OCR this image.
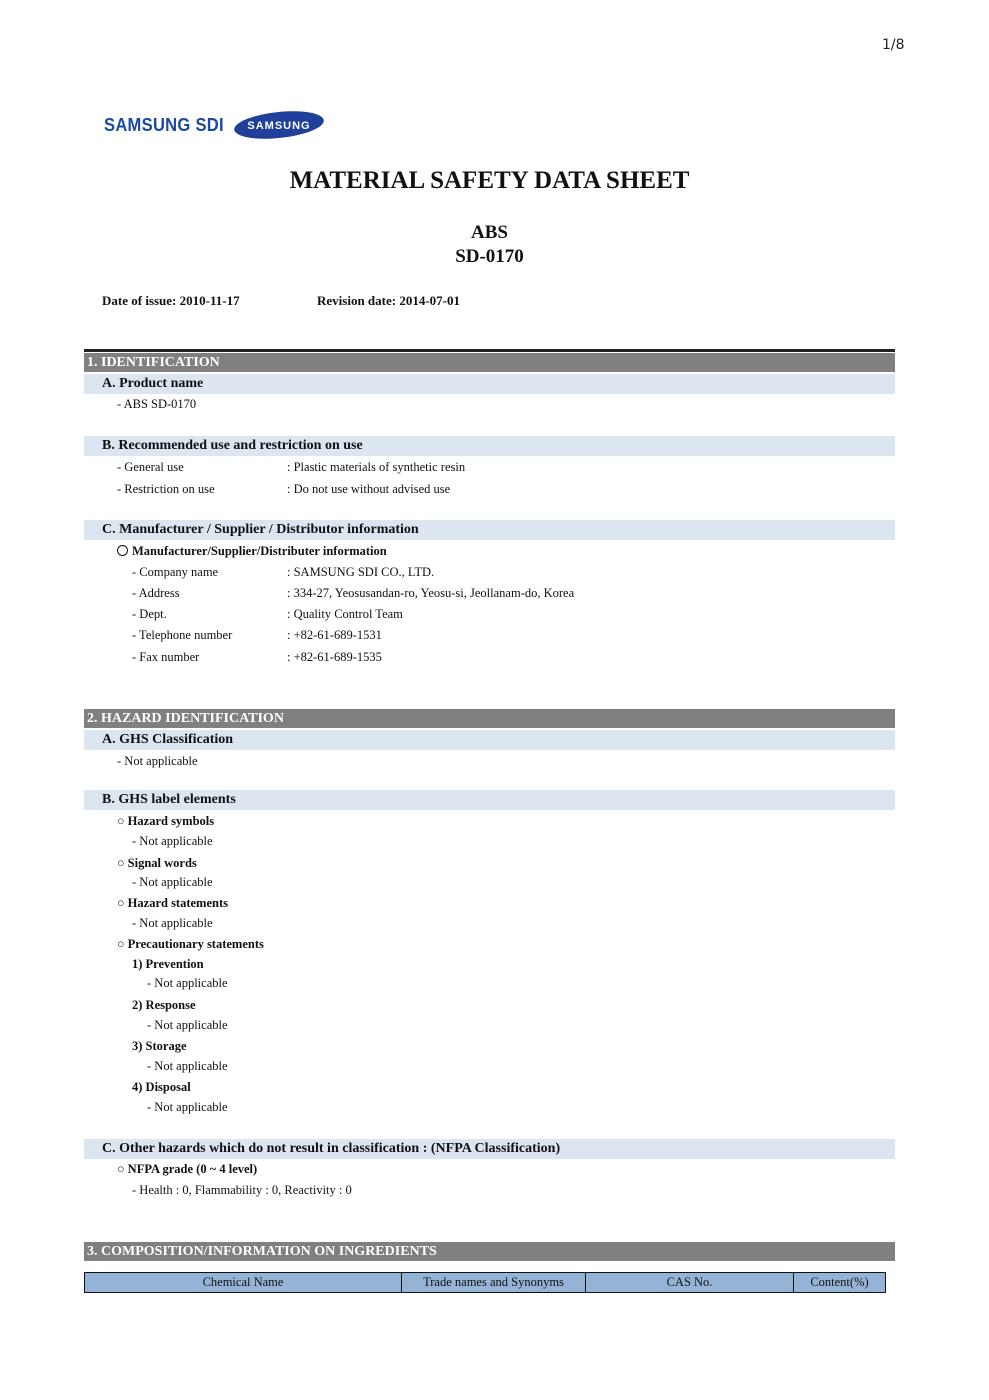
1/8
SAMSUNG SDI SAMSUNG
MATERIAL SAFETY DATA SHEET
ABS
SD-0170
Date of issue: 2010-11-17	Revision date: 2014-07-01
1. IDENTIFICATION
A. Product name
- ABS SD-0170
B. Recommended use and restriction on use
- General use	: Plastic materials of synthetic resin
- Restriction on use	: Do not use without advised use
C. Manufacturer / Supplier / Distributor information
Manufacturer/Supplier/Distributer information
- Company name	: SAMSUNG SDI CO., LTD.
- Address	: 334-27, Yeosusandan-ro, Yeosu-si, Jeollanam-do, Korea
- Dept.	: Quality Control Team
- Telephone number	: +82-61-689-1531
- Fax number	: +82-61-689-1535
2. HAZARD IDENTIFICATION
A. GHS Classification
- Not applicable
B. GHS label elements
○ Hazard symbols
- Not applicable
○ Signal words
- Not applicable
○ Hazard statements
- Not applicable
○ Precautionary statements
1) Prevention
- Not applicable
2) Response
- Not applicable
3) Storage
- Not applicable
4) Disposal
- Not applicable
C. Other hazards which do not result in classification : (NFPA Classification)
○ NFPA grade (0 ~ 4 level)
- Health : 0, Flammability : 0, Reactivity : 0
3. COMPOSITION/INFORMATION ON INGREDIENTS
Chemical Name	Trade names and Synonyms	CAS No.	Content(%)
